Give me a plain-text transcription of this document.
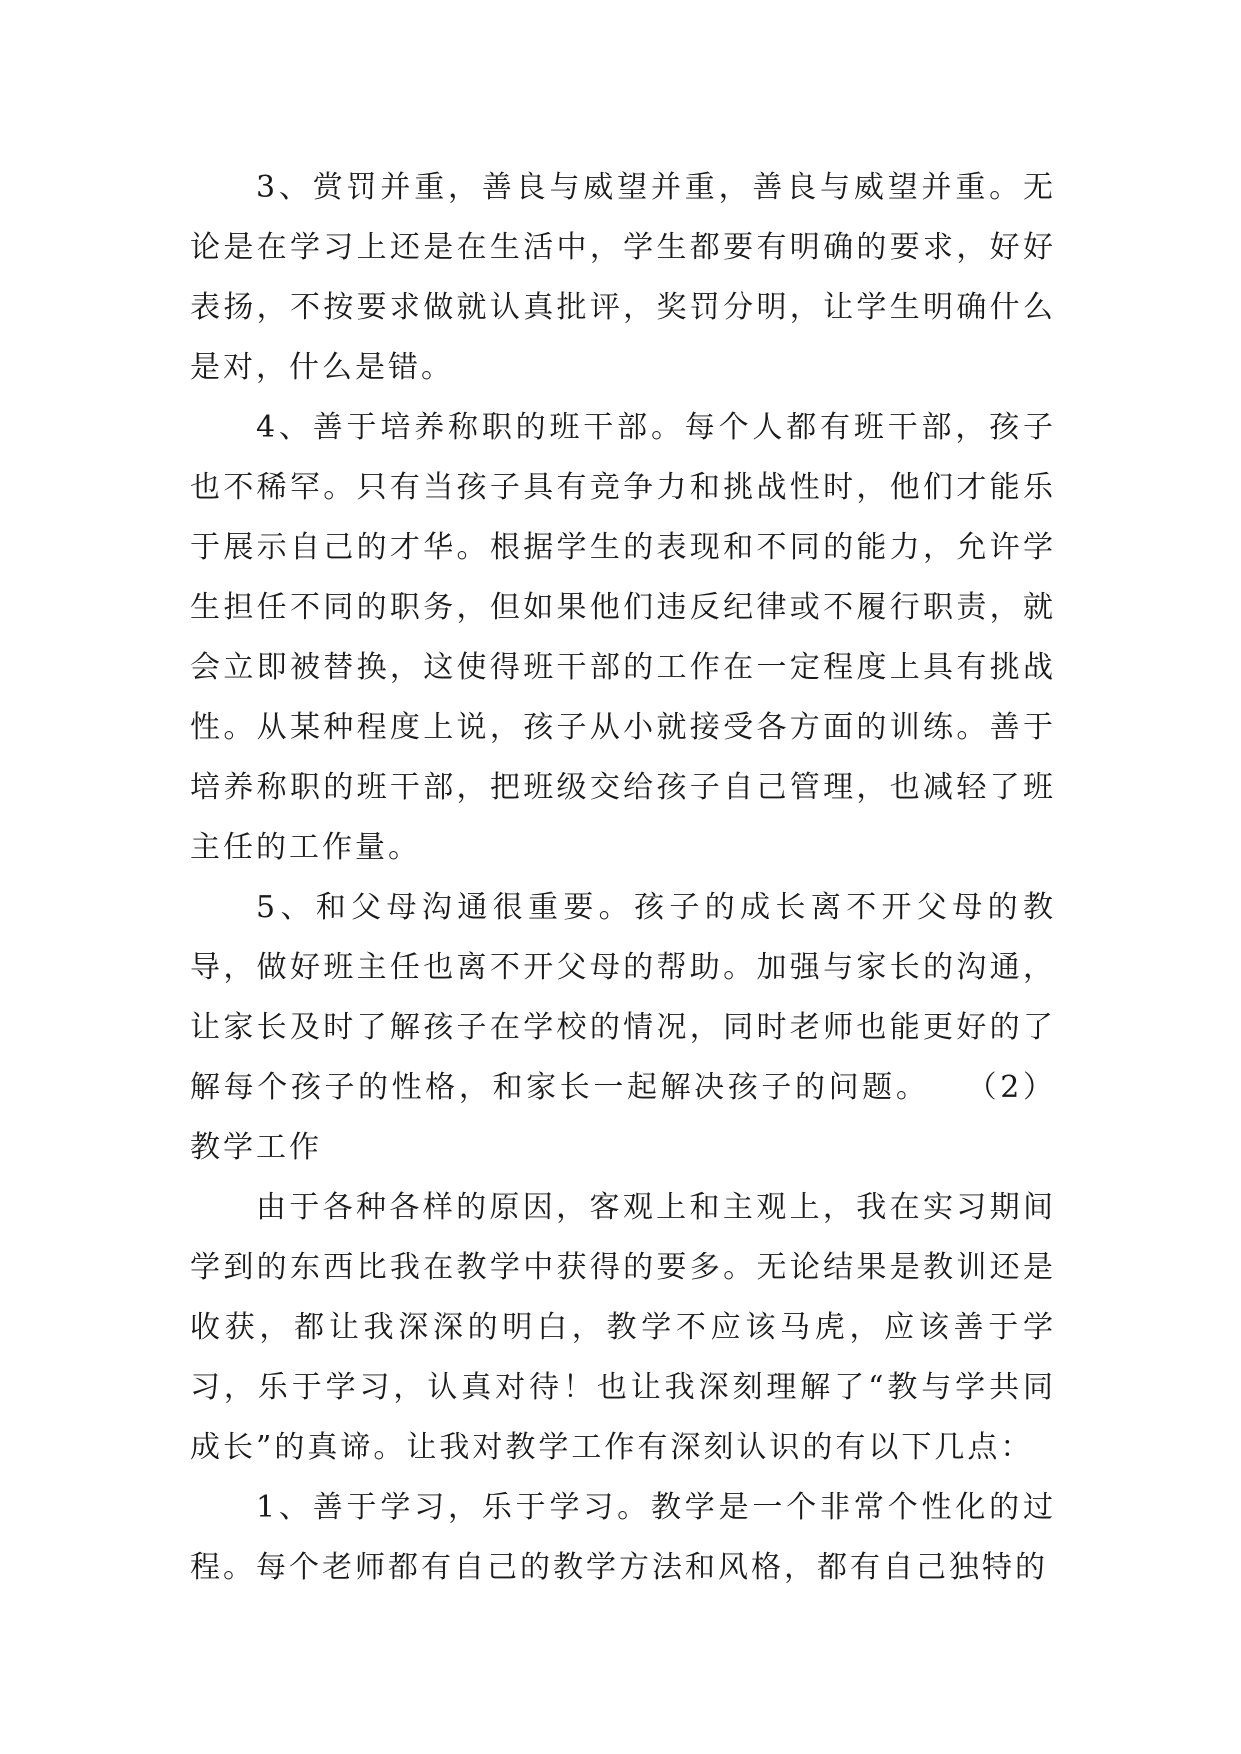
3、赏罚并重，善良与威望并重，善良与威望并重。无论是在学习上还是在生活中，学生都要有明确的要求，好好表扬，不按要求做就认真批评，奖罚分明，让学生明确什么是对，什么是错。

4、善于培养称职的班干部。每个人都有班干部，孩子也不稀罕。只有当孩子具有竞争力和挑战性时，他们才能乐于展示自己的才华。根据学生的表现和不同的能力，允许学生担任不同的职务，但如果他们违反纪律或不履行职责，就会立即被替换，这使得班干部的工作在一定程度上具有挑战性。从某种程度上说，孩子从小就接受各方面的训练。善于培养称职的班干部，把班级交给孩子自己管理，也减轻了班主任的工作量。

5、和父母沟通很重要。孩子的成长离不开父母的教导，做好班主任也离不开父母的帮助。加强与家长的沟通，让家长及时了解孩子在学校的情况，同时老师也能更好的了解每个孩子的性格，和家长一起解决孩子的问题。　　（2）教学工作

由于各种各样的原因，客观上和主观上，我在实习期间学到的东西比我在教学中获得的要多。无论结果是教训还是收获，都让我深深的明白，教学不应该马虎，应该善于学习，乐于学习，认真对待！也让我深刻理解了“教与学共同成长”的真谛。让我对教学工作有深刻认识的有以下几点：

1、善于学习，乐于学习。教学是一个非常个性化的过程。每个老师都有自己的教学方法和风格，都有自己独特的
